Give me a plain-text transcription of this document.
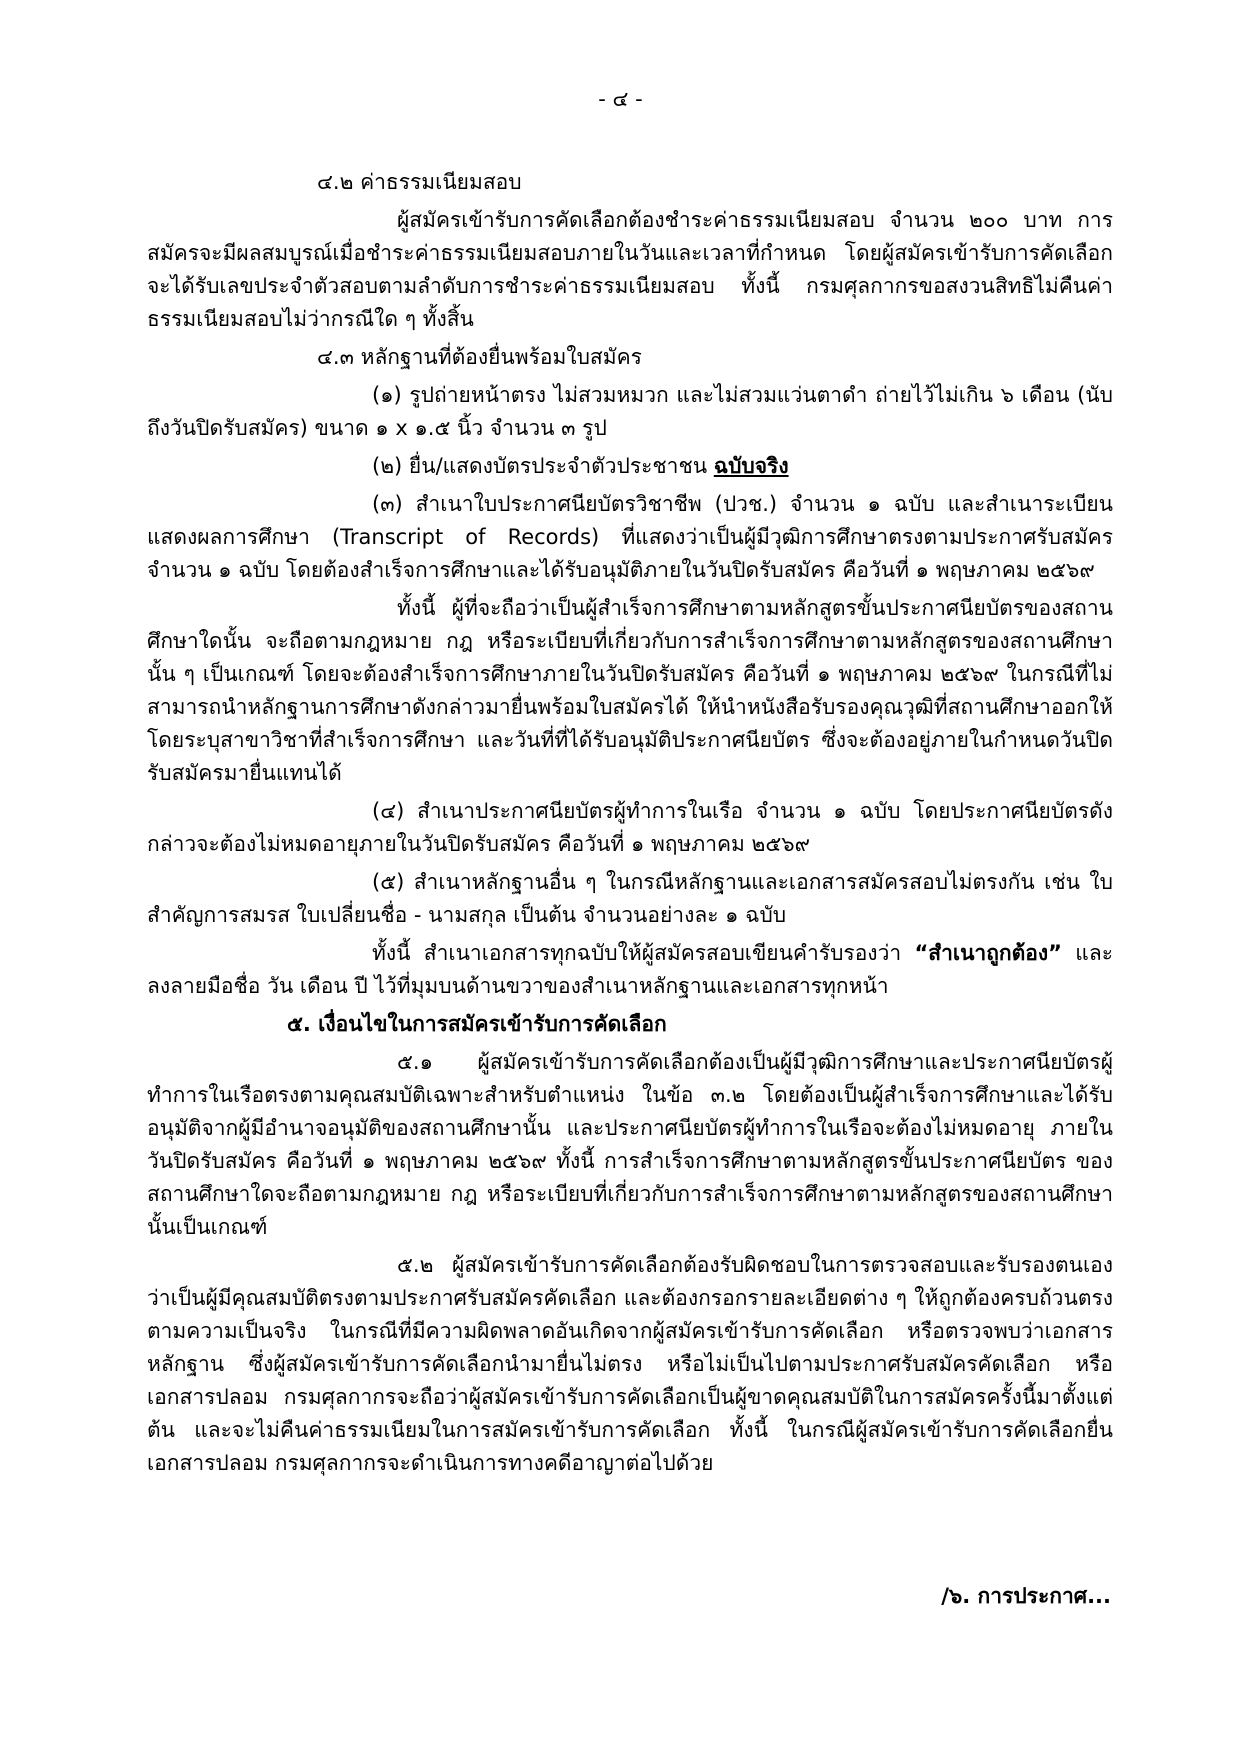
- ๔ -

๔.๒ ค่าธรรมเนียมสอบ

ผู้สมัครเข้ารับการคัดเลือกต้องชำระค่าธรรมเนียมสอบ จำนวน ๒๐๐ บาท การสมัครจะมีผลสมบูรณ์เมื่อชำระค่าธรรมเนียมสอบภายในวันและเวลาที่กำหนด โดยผู้สมัครเข้ารับการคัดเลือกจะได้รับเลขประจำตัวสอบตามลำดับการชำระค่าธรรมเนียมสอบ ทั้งนี้ กรมศุลกากรขอสงวนสิทธิไม่คืนค่าธรรมเนียมสอบไม่ว่ากรณีใด ๆ ทั้งสิ้น

๔.๓ หลักฐานที่ต้องยื่นพร้อมใบสมัคร

(๑) รูปถ่ายหน้าตรง ไม่สวมหมวก และไม่สวมแว่นตาดำ ถ่ายไว้ไม่เกิน ๖ เดือน (นับถึงวันปิดรับสมัคร) ขนาด ๑ x ๑.๕ นิ้ว จำนวน ๓ รูป

(๒) ยื่น/แสดงบัตรประจำตัวประชาชน ฉบับจริง

(๓) สำเนาใบประกาศนียบัตรวิชาชีพ (ปวช.) จำนวน ๑ ฉบับ และสำเนาระเบียนแสดงผลการศึกษา (Transcript of Records) ที่แสดงว่าเป็นผู้มีวุฒิการศึกษาตรงตามประกาศรับสมัคร จำนวน ๑ ฉบับ โดยต้องสำเร็จการศึกษาและได้รับอนุมัติภายในวันปิดรับสมัคร คือวันที่ ๑ พฤษภาคม ๒๕๖๙

ทั้งนี้ ผู้ที่จะถือว่าเป็นผู้สำเร็จการศึกษาตามหลักสูตรขั้นประกาศนียบัตรของสถานศึกษาใดนั้น จะถือตามกฎหมาย กฎ หรือระเบียบที่เกี่ยวกับการสำเร็จการศึกษาตามหลักสูตรของสถานศึกษานั้น ๆ เป็นเกณฑ์ โดยจะต้องสำเร็จการศึกษาภายในวันปิดรับสมัคร คือวันที่ ๑ พฤษภาคม ๒๕๖๙ ในกรณีที่ไม่สามารถนำหลักฐานการศึกษาดังกล่าวมายื่นพร้อมใบสมัครได้ ให้นำหนังสือรับรองคุณวุฒิที่สถานศึกษาออกให้ โดยระบุสาขาวิชาที่สำเร็จการศึกษา และวันที่ที่ได้รับอนุมัติประกาศนียบัตร ซึ่งจะต้องอยู่ภายในกำหนดวันปิดรับสมัครมายื่นแทนได้

(๔) สำเนาประกาศนียบัตรผู้ทำการในเรือ จำนวน ๑ ฉบับ โดยประกาศนียบัตรดังกล่าวจะต้องไม่หมดอายุภายในวันปิดรับสมัคร คือวันที่ ๑ พฤษภาคม ๒๕๖๙

(๕) สำเนาหลักฐานอื่น ๆ ในกรณีหลักฐานและเอกสารสมัครสอบไม่ตรงกัน เช่น ใบสำคัญการสมรส ใบเปลี่ยนชื่อ - นามสกุล เป็นต้น จำนวนอย่างละ ๑ ฉบับ

ทั้งนี้ สำเนาเอกสารทุกฉบับให้ผู้สมัครสอบเขียนคำรับรองว่า “สำเนาถูกต้อง” และลงลายมือชื่อ วัน เดือน ปี ไว้ที่มุมบนด้านขวาของสำเนาหลักฐานและเอกสารทุกหน้า

๕. เงื่อนไขในการสมัครเข้ารับการคัดเลือก

๕.๑ ผู้สมัครเข้ารับการคัดเลือกต้องเป็นผู้มีวุฒิการศึกษาและประกาศนียบัตรผู้ทำการในเรือตรงตามคุณสมบัติเฉพาะสำหรับตำแหน่ง ในข้อ ๓.๒ โดยต้องเป็นผู้สำเร็จการศึกษาและได้รับอนุมัติจากผู้มีอำนาจอนุมัติของสถานศึกษานั้น และประกาศนียบัตรผู้ทำการในเรือจะต้องไม่หมดอายุ ภายในวันปิดรับสมัคร คือวันที่ ๑ พฤษภาคม ๒๕๖๙ ทั้งนี้ การสำเร็จการศึกษาตามหลักสูตรขั้นประกาศนียบัตร ของสถานศึกษาใดจะถือตามกฎหมาย กฎ หรือระเบียบที่เกี่ยวกับการสำเร็จการศึกษาตามหลักสูตรของสถานศึกษานั้นเป็นเกณฑ์

๕.๒ ผู้สมัครเข้ารับการคัดเลือกต้องรับผิดชอบในการตรวจสอบและรับรองตนเองว่าเป็นผู้มีคุณสมบัติตรงตามประกาศรับสมัครคัดเลือก และต้องกรอกรายละเอียดต่าง ๆ ให้ถูกต้องครบถ้วนตรงตามความเป็นจริง ในกรณีที่มีความผิดพลาดอันเกิดจากผู้สมัครเข้ารับการคัดเลือก หรือตรวจพบว่าเอกสารหลักฐาน ซึ่งผู้สมัครเข้ารับการคัดเลือกนำมายื่นไม่ตรง หรือไม่เป็นไปตามประกาศรับสมัครคัดเลือก หรือเอกสารปลอม กรมศุลกากรจะถือว่าผู้สมัครเข้ารับการคัดเลือกเป็นผู้ขาดคุณสมบัติในการสมัครครั้งนี้มาตั้งแต่ต้น และจะไม่คืนค่าธรรมเนียมในการสมัครเข้ารับการคัดเลือก ทั้งนี้ ในกรณีผู้สมัครเข้ารับการคัดเลือกยื่นเอกสารปลอม กรมศุลกากรจะดำเนินการทางคดีอาญาต่อไปด้วย

/๖. การประกาศ...
